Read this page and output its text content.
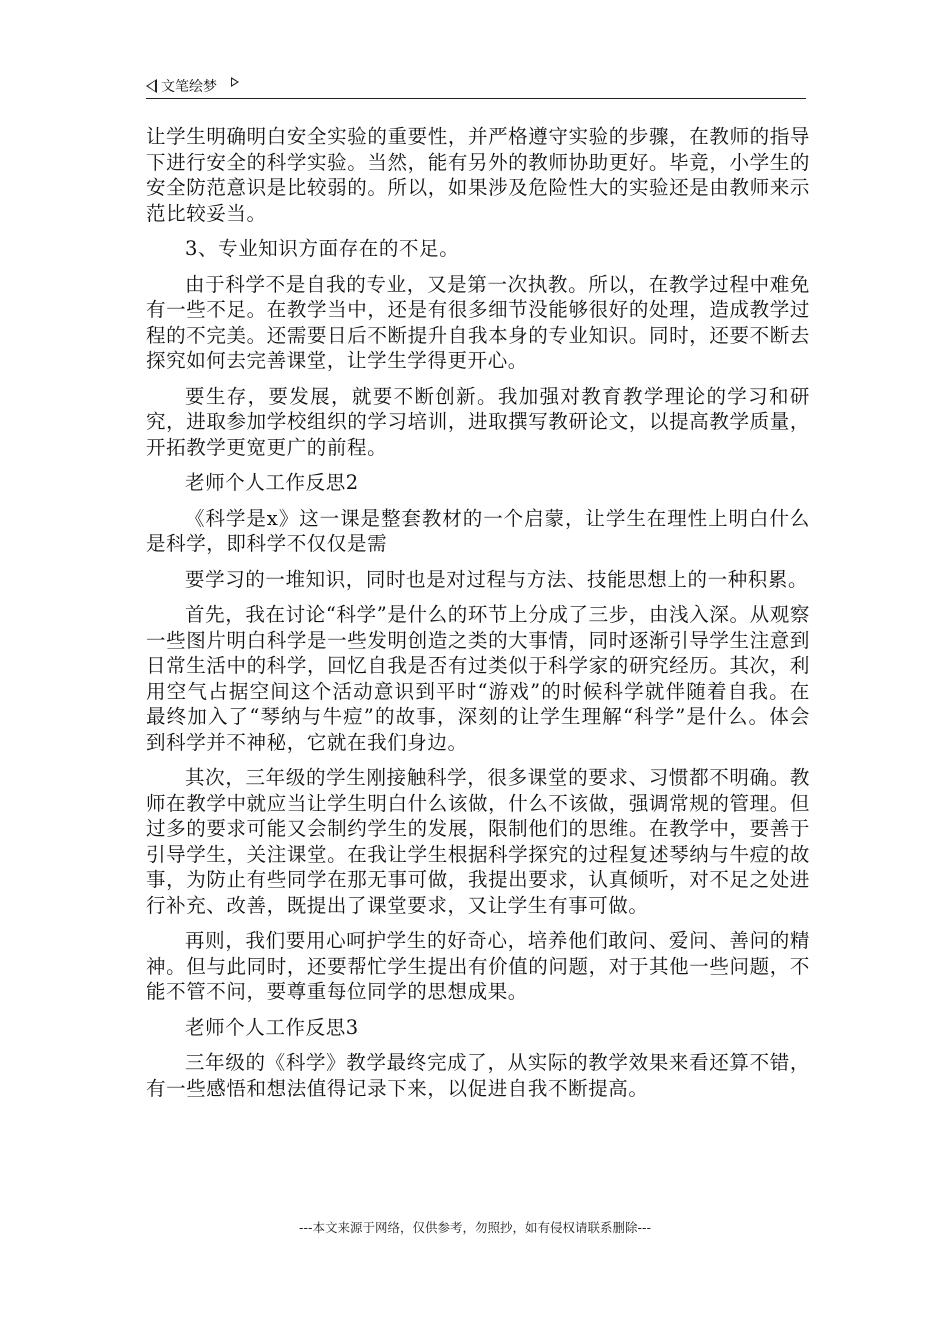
文笔绘梦

让学生明确明白安全实验的重要性，并严格遵守实验的步骤，在教师的指导下进行安全的科学实验。当然，能有另外的教师协助更好。毕竟，小学生的安全防范意识是比较弱的。所以，如果涉及危险性大的实验还是由教师来示范比较妥当。

3、专业知识方面存在的不足。

由于科学不是自我的专业，又是第一次执教。所以，在教学过程中难免有一些不足。在教学当中，还是有很多细节没能够很好的处理，造成教学过程的不完美。还需要日后不断提升自我本身的专业知识。同时，还要不断去探究如何去完善课堂，让学生学得更开心。

要生存，要发展，就要不断创新。我加强对教育教学理论的学习和研究，进取参加学校组织的学习培训，进取撰写教研论文，以提高教学质量，开拓教学更宽更广的前程。

老师个人工作反思2

《科学是x》这一课是整套教材的一个启蒙，让学生在理性上明白什么是科学，即科学不仅仅是需

要学习的一堆知识，同时也是对过程与方法、技能思想上的一种积累。

首先，我在讨论“科学”是什么的环节上分成了三步，由浅入深。从观察一些图片明白科学是一些发明创造之类的大事情，同时逐渐引导学生注意到日常生活中的科学，回忆自我是否有过类似于科学家的研究经历。其次，利用空气占据空间这个活动意识到平时“游戏”的时候科学就伴随着自我。在最终加入了“琴纳与牛痘”的故事，深刻的让学生理解“科学”是什么。体会到科学并不神秘，它就在我们身边。

其次，三年级的学生刚接触科学，很多课堂的要求、习惯都不明确。教师在教学中就应当让学生明白什么该做，什么不该做，强调常规的管理。但过多的要求可能又会制约学生的发展，限制他们的思维。在教学中，要善于引导学生，关注课堂。在我让学生根据科学探究的过程复述琴纳与牛痘的故事，为防止有些同学在那无事可做，我提出要求，认真倾听，对不足之处进行补充、改善，既提出了课堂要求，又让学生有事可做。

再则，我们要用心呵护学生的好奇心，培养他们敢问、爱问、善问的精神。但与此同时，还要帮忙学生提出有价值的问题，对于其他一些问题，不能不管不问，要尊重每位同学的思想成果。

老师个人工作反思3

三年级的《科学》教学最终完成了，从实际的教学效果来看还算不错，有一些感悟和想法值得记录下来，以促进自我不断提高。

---本文来源于网络，仅供参考，勿照抄，如有侵权请联系删除---
